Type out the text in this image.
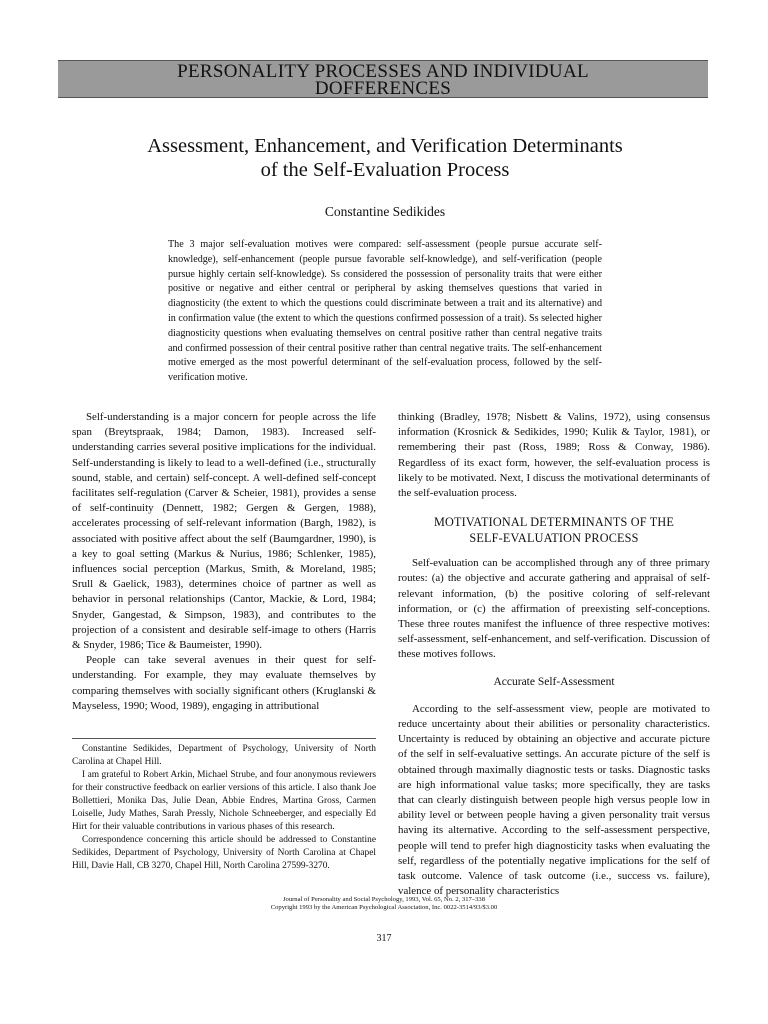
PERSONALITY PROCESSES AND INDIVIDUAL
DOFFERENCES
Assessment, Enhancement, and Verification Determinants
of the Self-Evaluation Process
Constantine Sedikides
The 3 major self-evaluation motives were compared: self-assessment (people pursue accurate self-knowledge), self-enhancement (people pursue favorable self-knowledge), and self-verification (people pursue highly certain self-knowledge). Ss considered the possession of personality traits that were either positive or negative and either central or peripheral by asking themselves questions that varied in diagnosticity (the extent to which the questions could discriminate between a trait and its alternative) and in confirmation value (the extent to which the questions confirmed possession of a trait). Ss selected higher diagnosticity questions when evaluating themselves on central positive rather than central negative traits and confirmed possession of their central positive rather than central negative traits. The self-enhancement motive emerged as the most powerful determinant of the self-evaluation process, followed by the self-verification motive.

Self-understanding is a major concern for people across the life span (Breytspraak, 1984; Damon, 1983). Increased self-understanding carries several positive implications for the individual. Self-understanding is likely to lead to a well-defined (i.e., structurally sound, stable, and certain) self-concept. A well-defined self-concept facilitates self-regulation (Carver & Scheier, 1981), provides a sense of self-continuity (Dennett, 1982; Gergen & Gergen, 1988), accelerates processing of self-relevant information (Bargh, 1982), is associated with positive affect about the self (Baumgardner, 1990), is a key to goal setting (Markus & Nurius, 1986; Schlenker, 1985), influences social perception (Markus, Smith, & Moreland, 1985; Srull & Gaelick, 1983), determines choice of partner as well as behavior in personal relationships (Cantor, Mackie, & Lord, 1984; Snyder, Gangestad, & Simpson, 1983), and contributes to the projection of a consistent and desirable self-image to others (Harris & Snyder, 1986; Tice & Baumeister, 1990).

People can take several avenues in their quest for self-understanding. For example, they may evaluate themselves by comparing themselves with socially significant others (Kruglanski & Mayseless, 1990; Wood, 1989), engaging in attributional

Constantine Sedikides, Department of Psychology, University of North Carolina at Chapel Hill.

I am grateful to Robert Arkin, Michael Strube, and four anonymous reviewers for their constructive feedback on earlier versions of this article. I also thank Joe Bollettieri, Monika Das, Julie Dean, Abbie Endres, Martina Gross, Carmen Loiselle, Judy Mathes, Sarah Pressly, Nichole Schneeberger, and especially Ed Hirt for their valuable contributions in various phases of this research.

Correspondence concerning this article should be addressed to Constantine Sedikides, Department of Psychology, University of North Carolina at Chapel Hill, Davie Hall, CB 3270, Chapel Hill, North Carolina 27599-3270.

thinking (Bradley, 1978; Nisbett & Valins, 1972), using consensus information (Krosnick & Sedikides, 1990; Kulik & Taylor, 1981), or remembering their past (Ross, 1989; Ross & Conway, 1986). Regardless of its exact form, however, the self-evaluation process is likely to be motivated. Next, I discuss the motivational determinants of the self-evaluation process.

MOTIVATIONAL DETERMINANTS OF THE
SELF-EVALUATION PROCESS

Self-evaluation can be accomplished through any of three primary routes: (a) the objective and accurate gathering and appraisal of self-relevant information, (b) the positive coloring of self-relevant information, or (c) the affirmation of preexisting self-conceptions. These three routes manifest the influence of three respective motives: self-assessment, self-enhancement, and self-verification. Discussion of these motives follows.

Accurate Self-Assessment

According to the self-assessment view, people are motivated to reduce uncertainty about their abilities or personality characteristics. Uncertainty is reduced by obtaining an objective and accurate picture of the self in self-evaluative settings. An accurate picture of the self is obtained through maximally diagnostic tests or tasks. Diagnostic tasks are high informational value tasks; more specifically, they are tasks that can clearly distinguish between people high versus people low in ability level or between people having a given personality trait versus having its alternative. According to the self-assessment perspective, people will tend to prefer high diagnosticity tasks when evaluating the self, regardless of the potentially negative implications for the self of task outcome. Valence of task outcome (i.e., success vs. failure), valence of personality characteristics

Journal of Personality and Social Psychology, 1993, Vol. 65, No. 2, 317–338
Copyright 1993 by the American Psychological Association, Inc. 0022-3514/93/$3.00
317
